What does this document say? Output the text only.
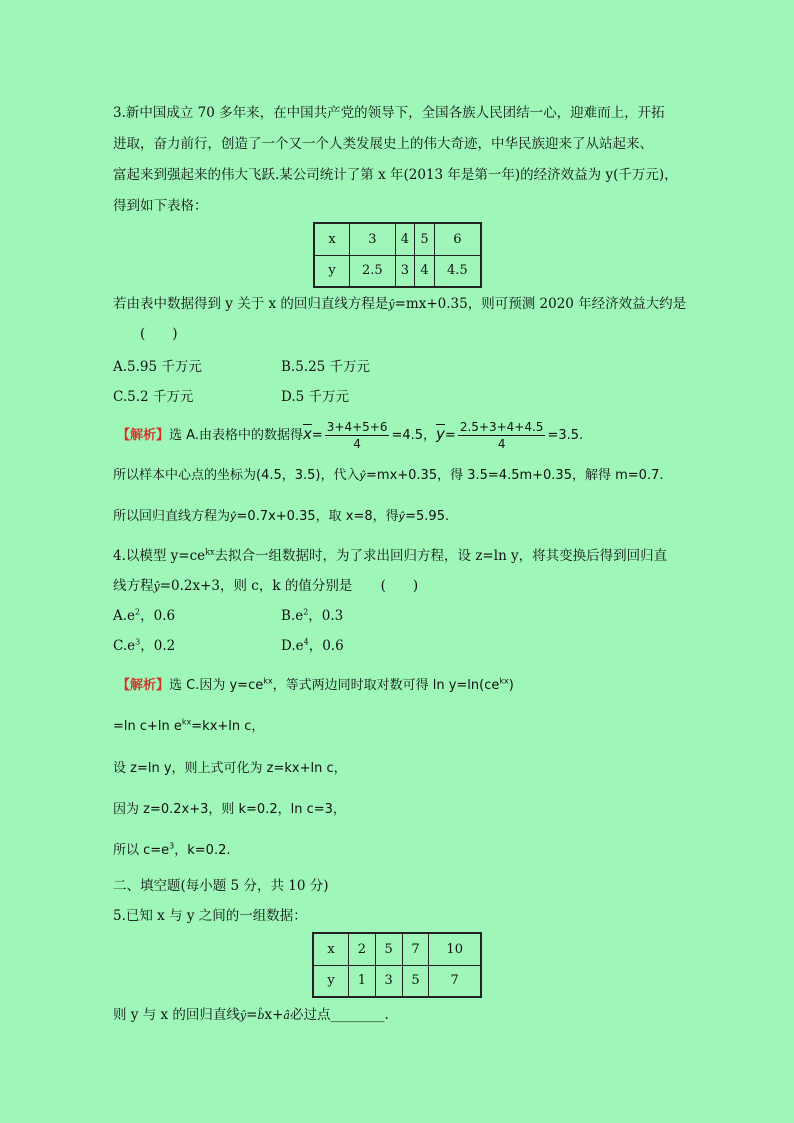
3.新中国成立 70 多年来，在中国共产党的领导下，全国各族人民团结一心，迎难而上，开拓
进取，奋力前行，创造了一个又一个人类发展史上的伟大奇迹，中华民族迎来了从站起来、
富起来到强起来的伟大飞跃.某公司统计了第 x 年(2013 年是第一年)的经济效益为 y(千万元)，
得到如下表格：
x	3	4	5	6
y	2.5	3	4	4.5
若由表中数据得到 y 关于 x 的回归直线方程是ŷ=mx+0.35，则可预测 2020 年经济效益大约是
(　　)
A.5.95 千万元	B.5.25 千万元
C.5.2 千万元	D.5 千万元
【解析】选 A.由表格中的数据得$\overline{x}= \frac{3+4+5+6}{4} =4.5$，$\overline{y}= \frac{2.5+3+4+4.5}{4} =3.5$.
所以样本中心点的坐标为(4.5，3.5)，代入ŷ=mx+0.35，得 3.5=4.5m+0.35，解得 m=0.7.
所以回归直线方程为ŷ=0.7x+0.35，取 x=8，得ŷ=5.95.
4.以模型 $y=ce^{kx}$去拟合一组数据时，为了求出回归方程，设 z=ln y，将其变换后得到回归直
线方程ŷ=0.2x+3，则 c，k 的值分别是 (　　)
$A.e^2$，0.6	$B.e^2$，0.3
$C.e^3$，0.2	$D.e^4$，0.6
【解析】选 C.因为 $y=ce^{kx}$，等式两边同时取对数可得 $\ln y=\ln(ce^{kx})$
=ln c+ln $e^{kx}=kx+\ln$ c，
设 z=ln y，则上式可化为 z=kx+ln c，
因为 z=0.2x+3，则 k=0.2，ln c=3，
所以 $c=e^3$，k=0.2.
二、填空题(每小题 5 分，共 10 分)
5.已知 x 与 y 之间的一组数据：
x	2	5	7	10
y	1	3	5	7
则 y 与 x 的回归直线ŷ=b̂x+â必过点________.
